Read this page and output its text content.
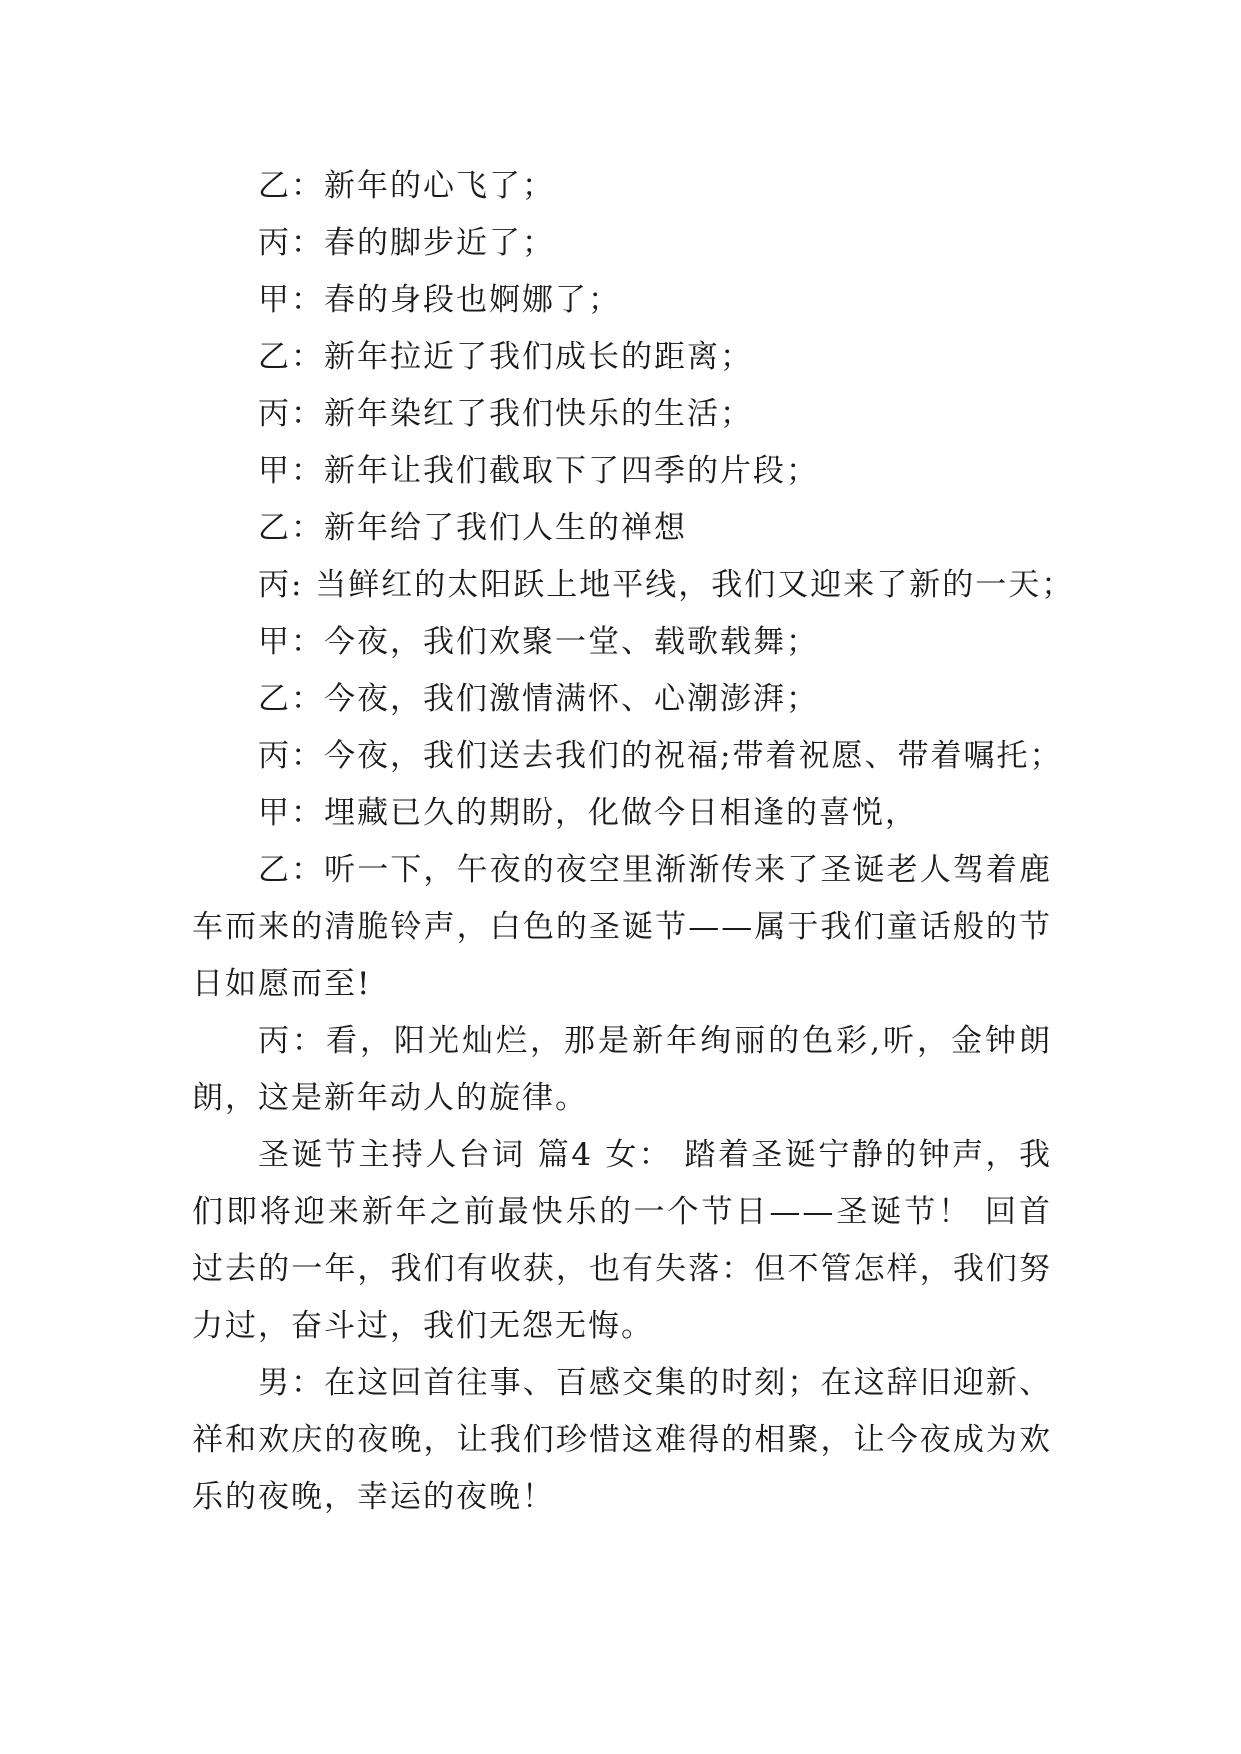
乙：新年的心飞了；
丙：春的脚步近了；
甲：春的身段也婀娜了；
乙：新年拉近了我们成长的距离；
丙：新年染红了我们快乐的生活；
甲：新年让我们截取下了四季的片段；
乙：新年给了我们人生的禅想
丙: 当鲜红的太阳跃上地平线，我们又迎来了新的一天；
甲：今夜，我们欢聚一堂、载歌载舞；
乙：今夜，我们激情满怀、心潮澎湃；
丙：今夜，我们送去我们的祝福;带着祝愿、带着嘱托；
甲：埋藏已久的期盼，化做今日相逢的喜悦，
乙：听一下，午夜的夜空里渐渐传来了圣诞老人驾着鹿车而来的清脆铃声，白色的圣诞节——属于我们童话般的节日如愿而至!
丙：看，阳光灿烂，那是新年绚丽的色彩,听，金钟朗朗，这是新年动人的旋律。
圣诞节主持人台词 篇4 女： 踏着圣诞宁静的钟声，我们即将迎来新年之前最快乐的一个节日——圣诞节！ 回首过去的一年，我们有收获，也有失落：但不管怎样，我们努力过，奋斗过，我们无怨无悔。
男：在这回首往事、百感交集的时刻；在这辞旧迎新、祥和欢庆的夜晚，让我们珍惜这难得的相聚，让今夜成为欢乐的夜晚，幸运的夜晚！
